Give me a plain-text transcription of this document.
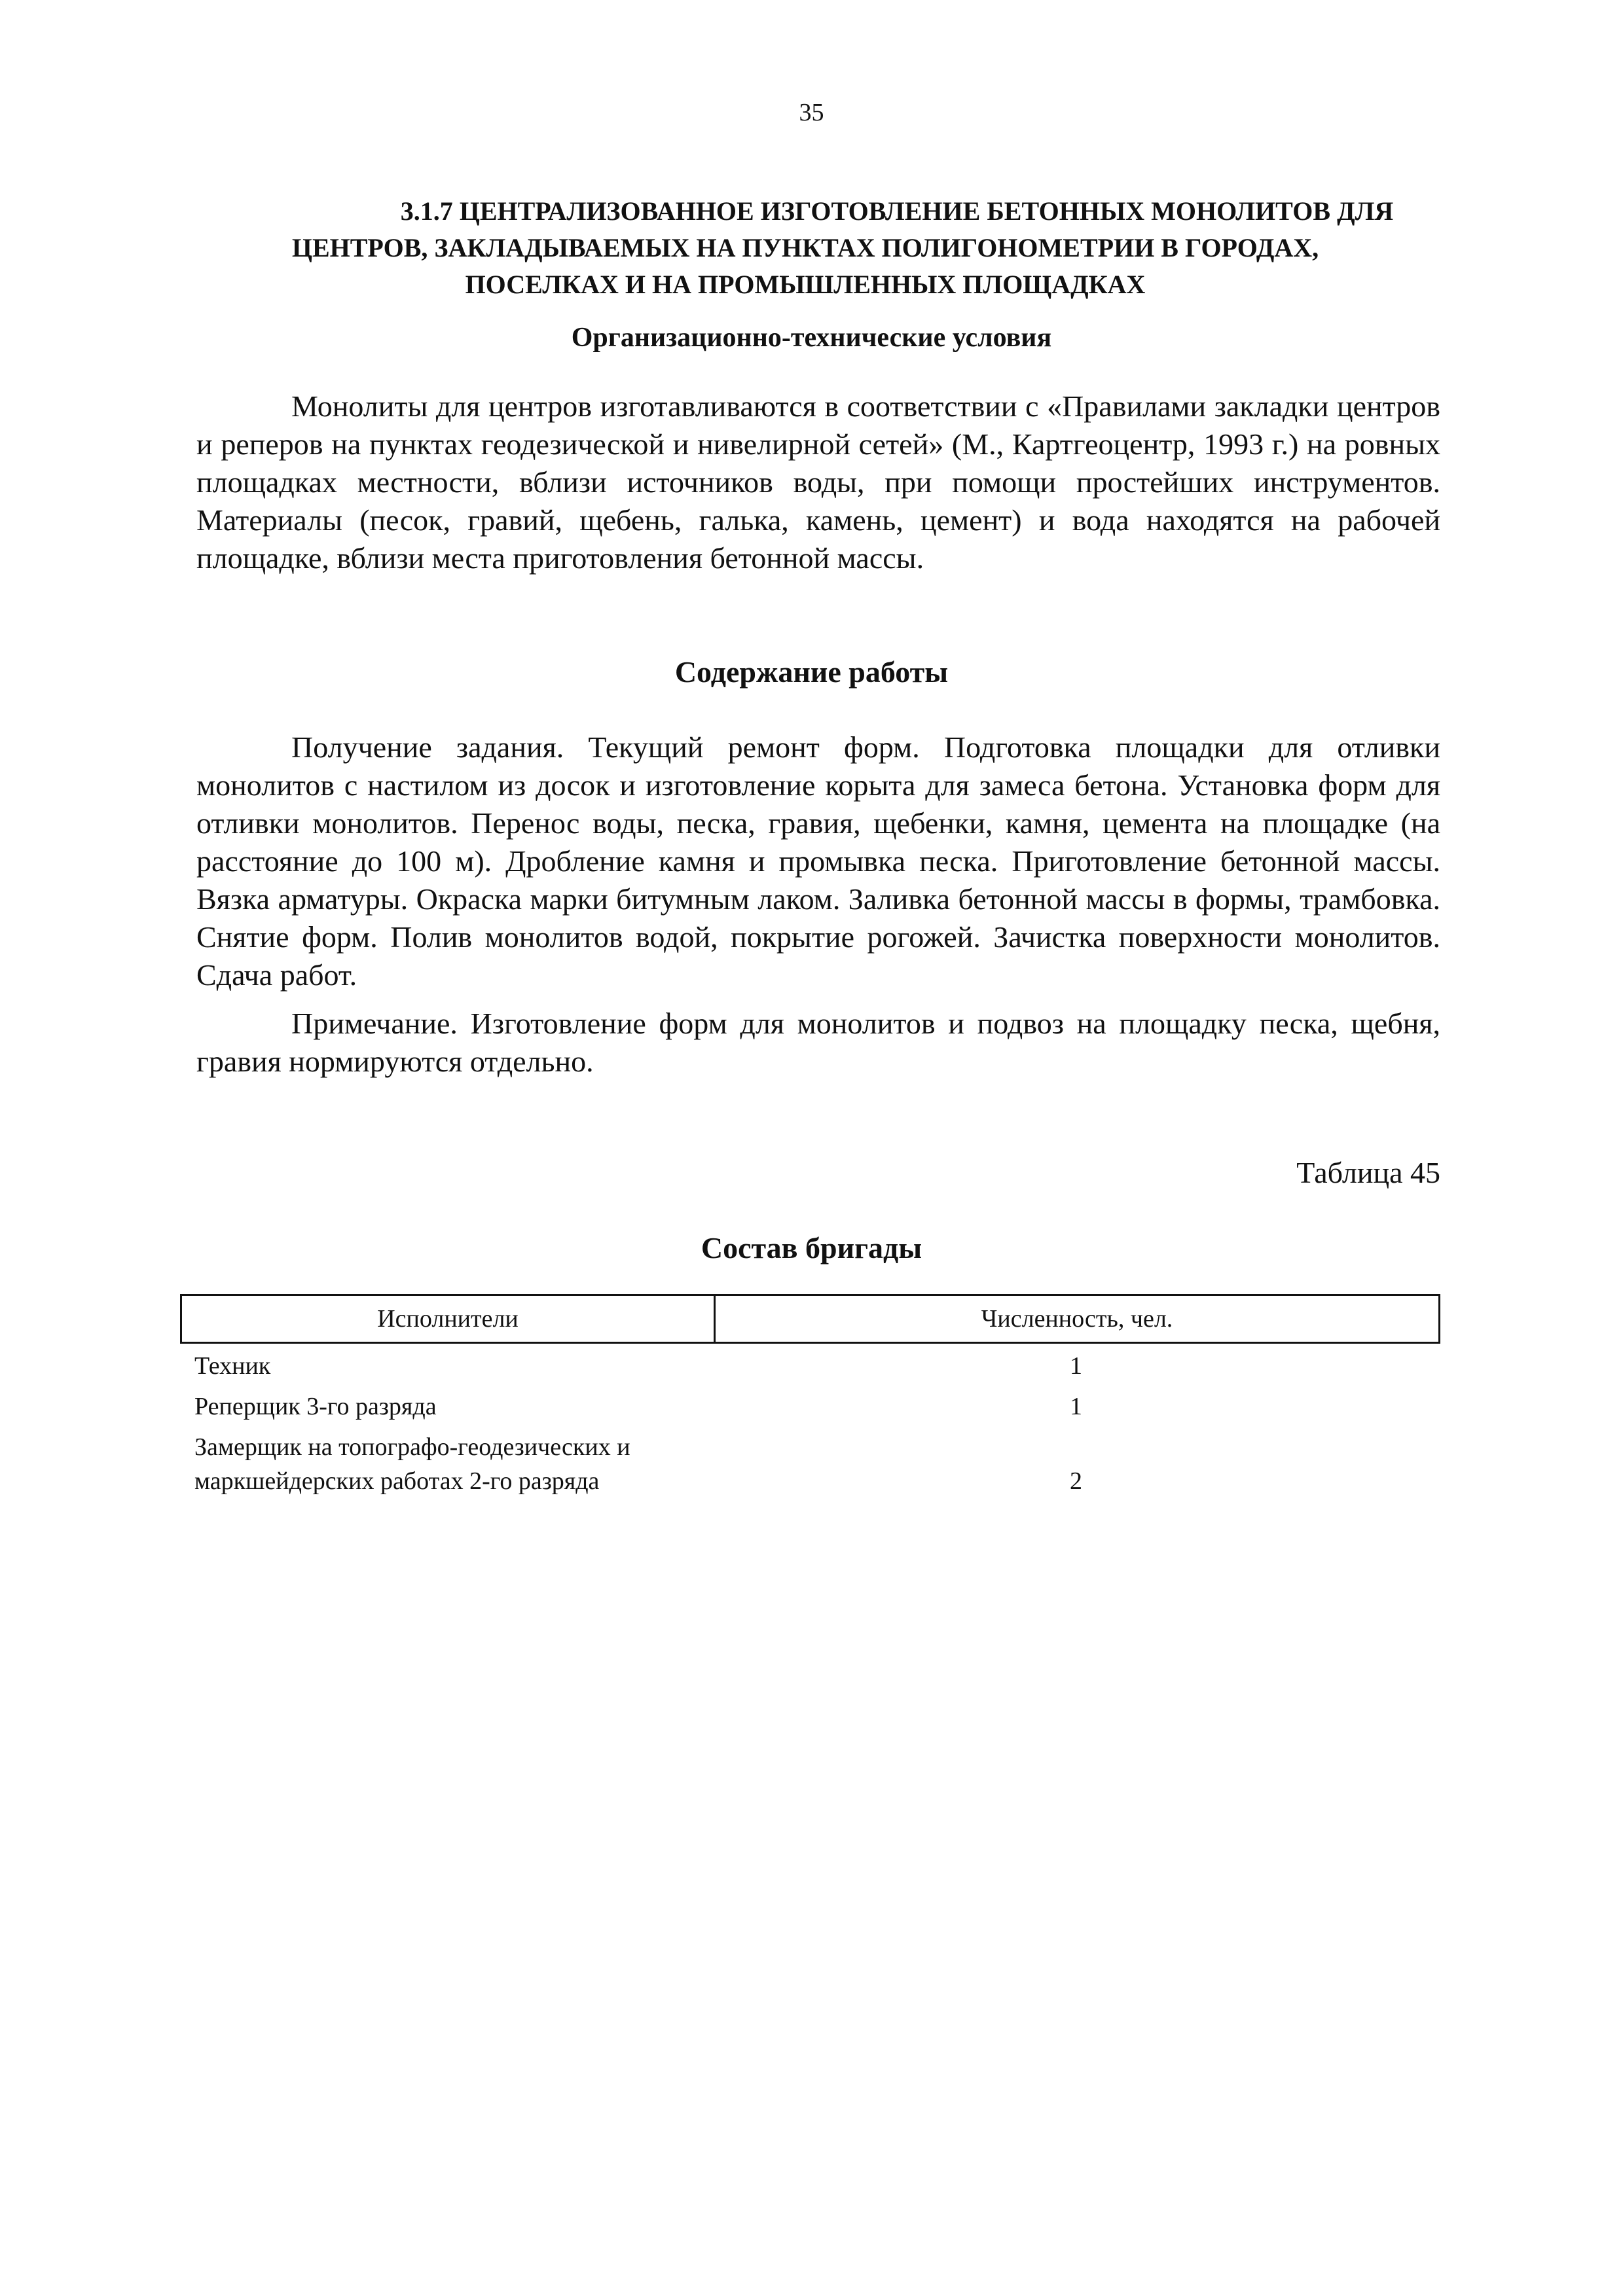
35
3.1.7 ЦЕНТРАЛИЗОВАННОЕ ИЗГОТОВЛЕНИЕ БЕТОННЫХ МОНОЛИТОВ ДЛЯ
ЦЕНТРОВ, ЗАКЛАДЫВАЕМЫХ НА ПУНКТАХ ПОЛИГОНОМЕТРИИ В ГОРОДАХ,
ПОСЕЛКАХ И НА ПРОМЫШЛЕННЫХ ПЛОЩАДКАХ
Организационно-технические условия

Монолиты для центров изготавливаются в соответствии с «Правилами закладки центров и реперов на пунктах геодезической и нивелирной сетей» (М., Картгеоцентр, 1993 г.) на ровных площадках местности, вблизи источников воды, при помощи простейших инструментов. Материалы (песок, гравий, щебень, галька, камень, цемент) и вода находятся на рабочей площадке, вблизи места приготовления бетонной массы.

Содержание работы

Получение задания. Текущий ремонт форм. Подготовка площадки для отливки монолитов с настилом из досок и изготовление корыта для замеса бетона. Установка форм для отливки монолитов. Перенос воды, песка, гравия, щебенки, камня, цемента на площадке (на расстояние до 100 м). Дробление камня и промывка песка. Приготовление бетонной массы. Вязка арматуры. Окраска марки битумным лаком. Заливка бетонной массы в формы, трамбовка. Снятие форм. Полив монолитов водой, покрытие рогожей. Зачистка поверхности монолитов. Сдача работ.

Примечание. Изготовление форм для монолитов и подвоз на площадку песка, щебня, гравия нормируются отдельно.

Таблица 45
Состав бригады
Исполнители	Численность, чел.
Техник	1
Реперщик 3-го разряда	1
Замерщик на топографо-геодезических и
маркшейдерских работах 2-го разряда	2
